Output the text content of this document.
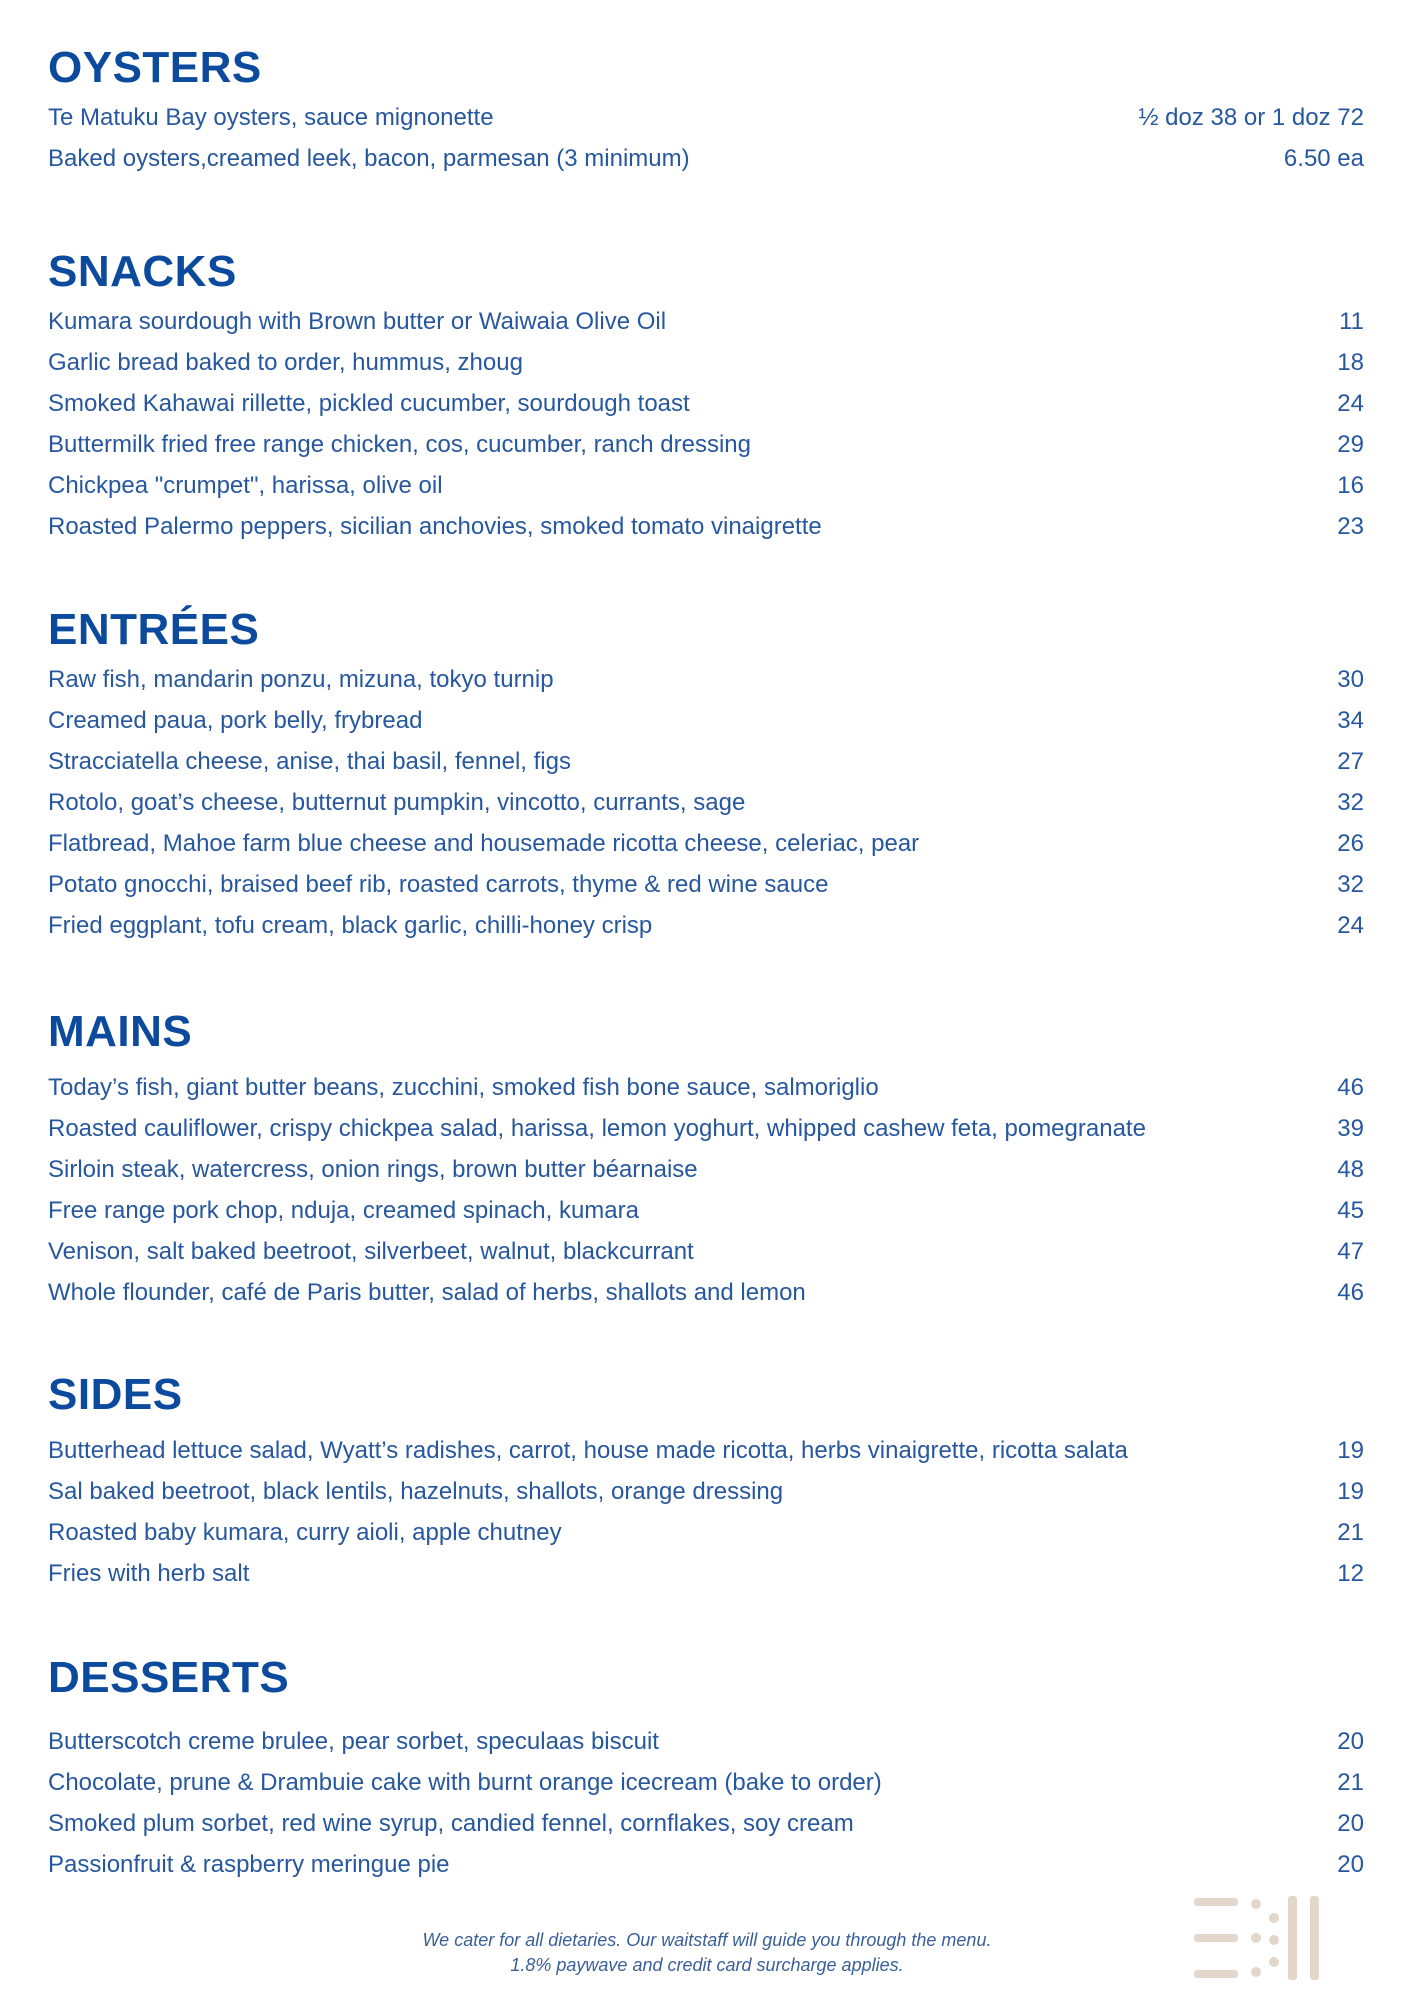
OYSTERS
Te Matuku Bay oysters, sauce mignonette	½ doz 38 or 1 doz 72
Baked oysters,creamed leek, bacon, parmesan (3 minimum)	6.50 ea
SNACKS
Kumara sourdough with Brown butter or Waiwaia Olive Oil	11
Garlic bread baked to order, hummus, zhoug	18
Smoked Kahawai rillette, pickled cucumber, sourdough toast	24
Buttermilk fried free range chicken, cos, cucumber, ranch dressing	29
Chickpea "crumpet", harissa, olive oil	16
Roasted Palermo peppers, sicilian anchovies, smoked tomato vinaigrette	23
ENTRÉES
Raw fish, mandarin ponzu, mizuna, tokyo turnip	30
Creamed paua, pork belly, frybread	34
Stracciatella cheese, anise, thai basil, fennel, figs	27
Rotolo, goat’s cheese, butternut pumpkin, vincotto, currants, sage	32
Flatbread, Mahoe farm blue cheese and housemade ricotta cheese, celeriac, pear	26
Potato gnocchi, braised beef rib, roasted carrots, thyme & red wine sauce	32
Fried eggplant, tofu cream, black garlic, chilli-honey crisp	24
MAINS
Today’s fish, giant butter beans, zucchini, smoked fish bone sauce, salmoriglio	46
Roasted cauliflower, crispy chickpea salad, harissa, lemon yoghurt, whipped cashew feta, pomegranate	39
Sirloin steak, watercress, onion rings, brown butter béarnaise	48
Free range pork chop, nduja, creamed spinach, kumara	45
Venison, salt baked beetroot, silverbeet, walnut, blackcurrant	47
Whole flounder, café de Paris butter, salad of herbs, shallots and lemon	46
SIDES
Butterhead lettuce salad, Wyatt’s radishes, carrot, house made ricotta, herbs vinaigrette, ricotta salata	19
Sal baked beetroot, black lentils, hazelnuts, shallots, orange dressing	19
Roasted baby kumara, curry aioli, apple chutney	21
Fries with herb salt	12
DESSERTS
Butterscotch creme brulee, pear sorbet, speculaas biscuit	20
Chocolate, prune & Drambuie cake with burnt orange icecream (bake to order)	21
Smoked plum sorbet, red wine syrup, candied fennel, cornflakes, soy cream	20
Passionfruit & raspberry meringue pie	20
We cater for all dietaries. Our waitstaff will guide you through the menu.
1.8% paywave and credit card surcharge applies.
